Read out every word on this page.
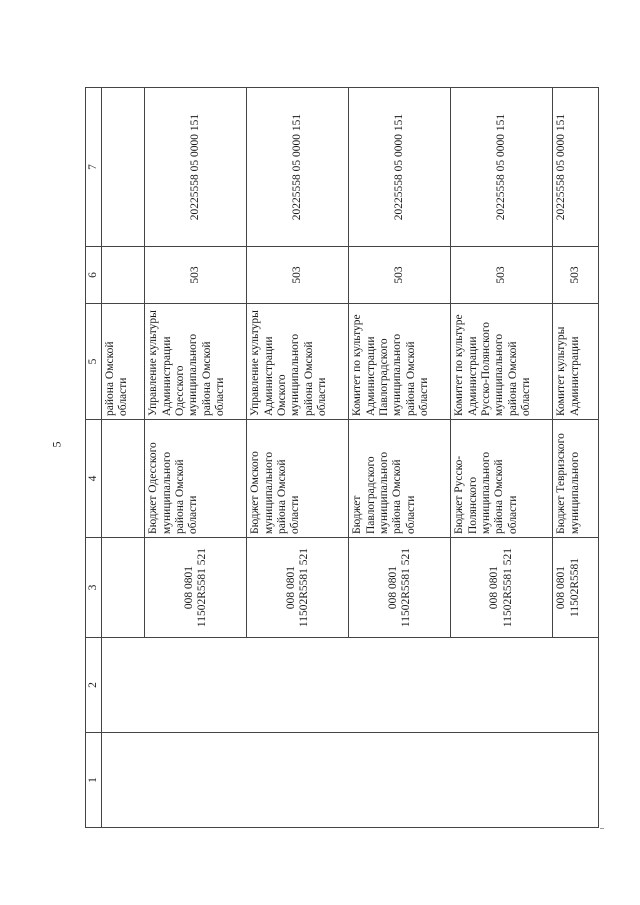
5
1	2	3	4	5	6	7
				района Омской области		
		008 0801 11502R5581 521	Бюджет Одесского муниципального района Омской области	Управление культуры Администрации Одесского муниципального района Омской области	503	20225558 05 0000 151
		008 0801 11502R5581 521	Бюджет Омского муниципального района Омской области	Управление культуры Администрации Омского муниципального района Омской области	503	20225558 05 0000 151
		008 0801 11502R5581 521	Бюджет Павлоградского муниципального района Омской области	Комитет по культуре Администрации Павлоградского муниципального района Омской области	503	20225558 05 0000 151
		008 0801 11502R5581 521	Бюджет Русско-Полянского муниципального района Омской области	Комитет по культуре Администрации Русско-Полянского муниципального района Омской области	503	20225558 05 0000 151
		008 0801 11502R5581	Бюджет Тевризского муниципального	Комитет культуры Администрации	503	20225558 05 0000 151
